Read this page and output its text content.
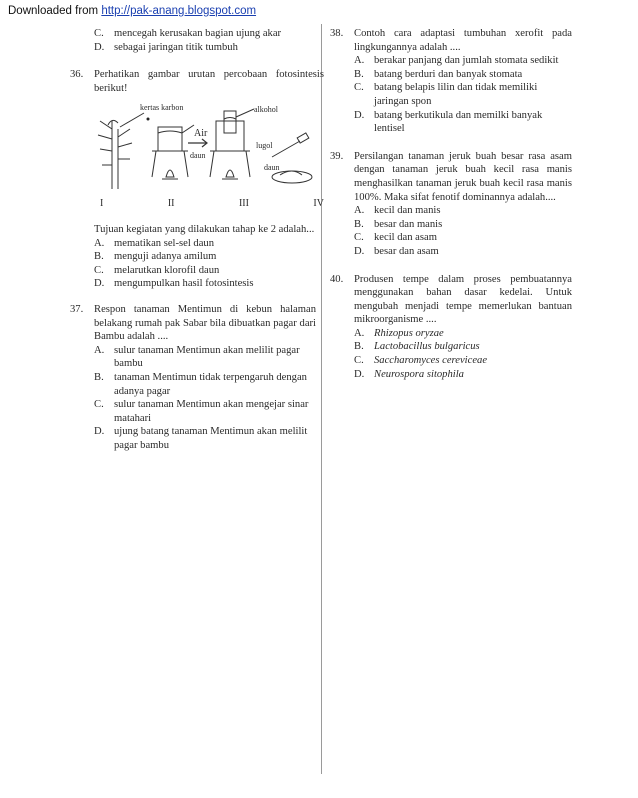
Downloaded from http://pak-anang.blogspot.com
C. mencegah kerusakan bagian ujung akar
D. sebagai jaringan titik tumbuh
36.	Perhatikan gambar urutan percobaan fotosintesis berikut!
kertas karbon
Air
daun
alkohol
lugol
daun
I	II	III	IV
Tujuan kegiatan yang dilakukan tahap ke 2 adalah...
A. mematikan sel-sel daun
B. menguji adanya amilum
C. melarutkan klorofil daun
D. mengumpulkan hasil fotosintesis
37.	Respon tanaman Mentimun di kebun halaman belakang rumah pak Sabar bila dibuatkan pagar dari Bambu adalah ....
A. sulur tanaman Mentimun akan melilit pagar bambu
B. tanaman Mentimun tidak terpengaruh dengan adanya pagar
C. sulur tanaman Mentimun akan mengejar sinar matahari
D. ujung batang tanaman Mentimun akan melilit pagar bambu
38.	Contoh cara adaptasi tumbuhan xerofit pada lingkungannya adalah ....
A. berakar panjang dan jumlah stomata sedikit
B. batang berduri dan banyak stomata
C. batang belapis lilin dan tidak memiliki jaringan spon
D. batang berkutikula dan memilki banyak lentisel
39.	Persilangan tanaman jeruk buah besar rasa asam dengan tanaman jeruk buah kecil rasa manis menghasilkan tanaman jeruk buah kecil rasa manis 100%. Maka sifat fenotif dominannya adalah....
A. kecil dan manis
B. besar dan manis
C. kecil dan asam
D. besar dan asam
40.	Produsen tempe dalam proses pembuatannya menggunakan bahan dasar kedelai. Untuk mengubah menjadi tempe memerlukan bantuan mikroorganisme ....
A. Rhizopus oryzae
B. Lactobacillus bulgaricus
C. Saccharomyces cereviceae
D. Neurospora sitophila
